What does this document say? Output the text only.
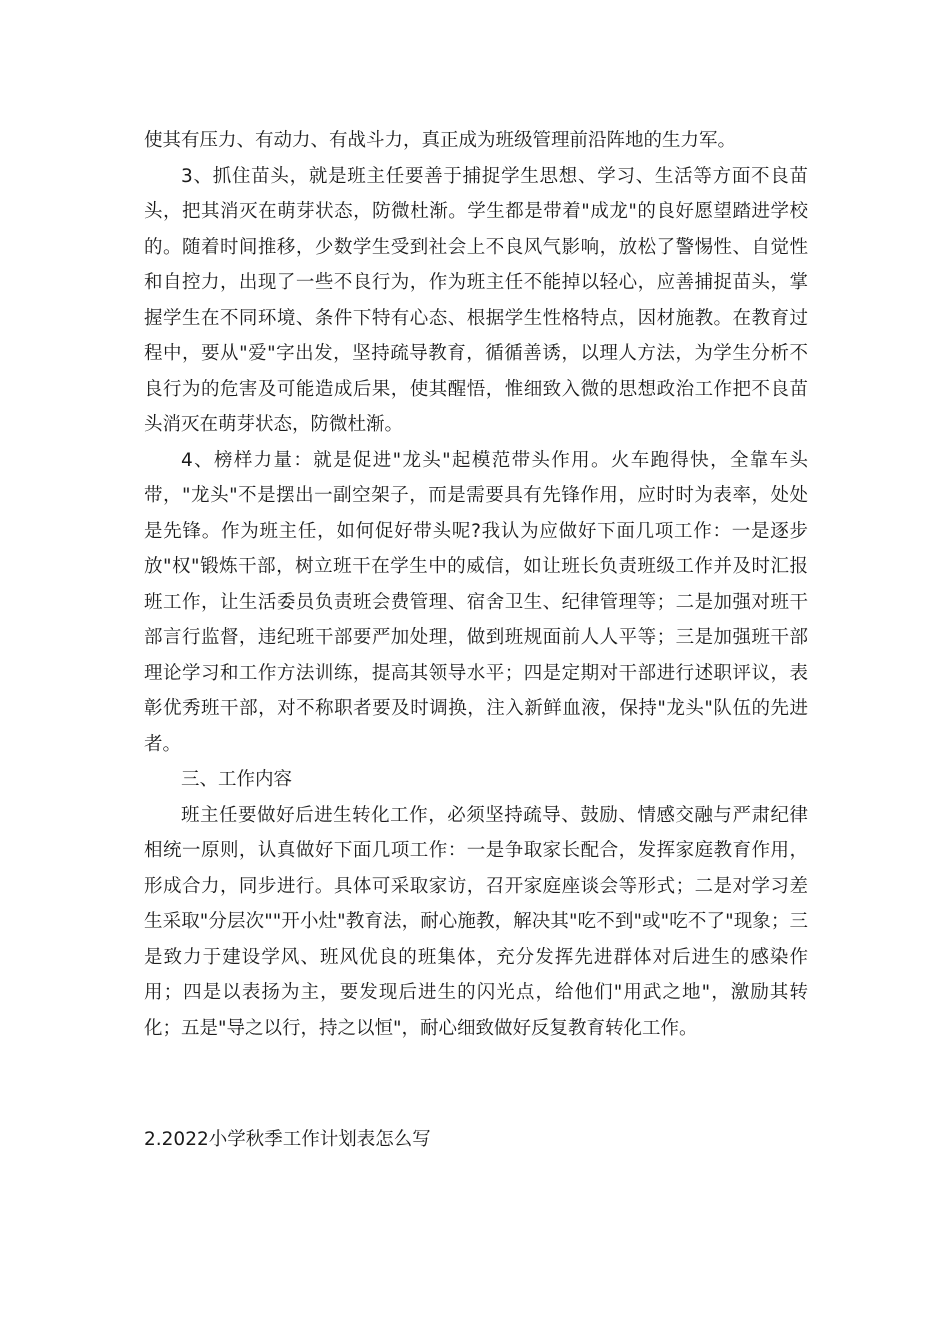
使其有压力、有动力、有战斗力，真正成为班级管理前沿阵地的生力军。

3、抓住苗头，就是班主任要善于捕捉学生思想、学习、生活等方面不良苗头，把其消灭在萌芽状态，防微杜渐。学生都是带着"成龙"的良好愿望踏进学校的。随着时间推移，少数学生受到社会上不良风气影响，放松了警惕性、自觉性和自控力，出现了一些不良行为，作为班主任不能掉以轻心，应善捕捉苗头，掌握学生在不同环境、条件下特有心态、根据学生性格特点，因材施教。在教育过程中，要从"爱"字出发，坚持疏导教育，循循善诱，以理人方法，为学生分析不良行为的危害及可能造成后果，使其醒悟，惟细致入微的思想政治工作把不良苗头消灭在萌芽状态，防微杜渐。

4、榜样力量：就是促进"龙头"起模范带头作用。火车跑得快，全靠车头带，"龙头"不是摆出一副空架子，而是需要具有先锋作用，应时时为表率，处处是先锋。作为班主任，如何促好带头呢?我认为应做好下面几项工作：一是逐步放"权"锻炼干部，树立班干在学生中的威信，如让班长负责班级工作并及时汇报班工作，让生活委员负责班会费管理、宿舍卫生、纪律管理等；二是加强对班干部言行监督，违纪班干部要严加处理，做到班规面前人人平等；三是加强班干部理论学习和工作方法训练，提高其领导水平；四是定期对干部进行述职评议，表彰优秀班干部，对不称职者要及时调换，注入新鲜血液，保持"龙头"队伍的先进者。

三、工作内容

班主任要做好后进生转化工作，必须坚持疏导、鼓励、情感交融与严肃纪律相统一原则，认真做好下面几项工作：一是争取家长配合，发挥家庭教育作用，形成合力，同步进行。具体可采取家访，召开家庭座谈会等形式；二是对学习差生采取"分层次""开小灶"教育法，耐心施教，解决其"吃不到"或"吃不了"现象；三是致力于建设学风、班风优良的班集体，充分发挥先进群体对后进生的感染作用；四是以表扬为主，要发现后进生的闪光点，给他们"用武之地"，激励其转化；五是"导之以行，持之以恒"，耐心细致做好反复教育转化工作。

2.2022小学秋季工作计划表怎么写
